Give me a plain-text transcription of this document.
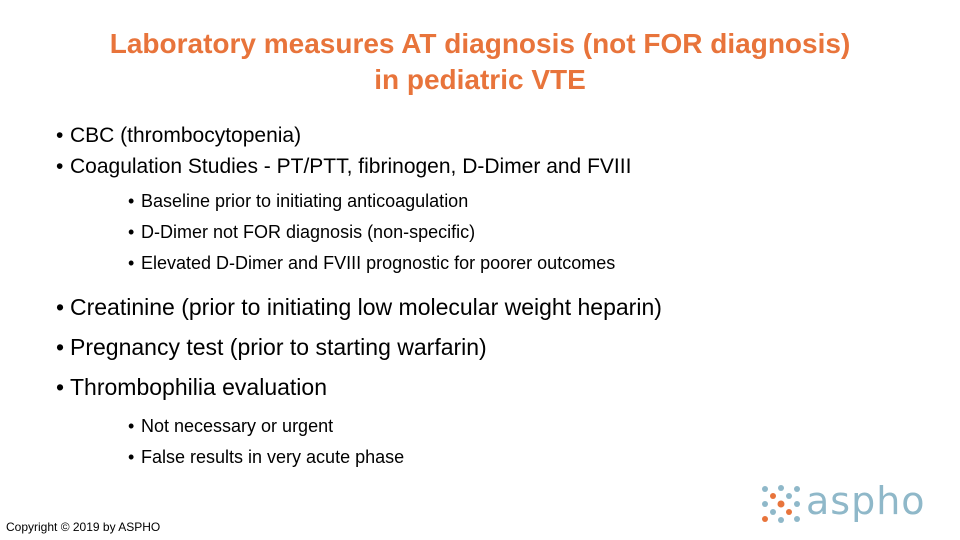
Laboratory measures AT diagnosis (not FOR diagnosis)
in pediatric VTE
• CBC (thrombocytopenia)
• Coagulation Studies - PT/PTT, fibrinogen, D-Dimer and FVIII
• Baseline prior to initiating anticoagulation
• D-Dimer not FOR diagnosis (non-specific)
• Elevated D-Dimer and FVIII prognostic for poorer outcomes
• Creatinine (prior to initiating low molecular weight heparin)
• Pregnancy test (prior to starting warfarin)
• Thrombophilia evaluation
• Not necessary or urgent
• False results in very acute phase
Copyright © 2019 by ASPHO
aspho
